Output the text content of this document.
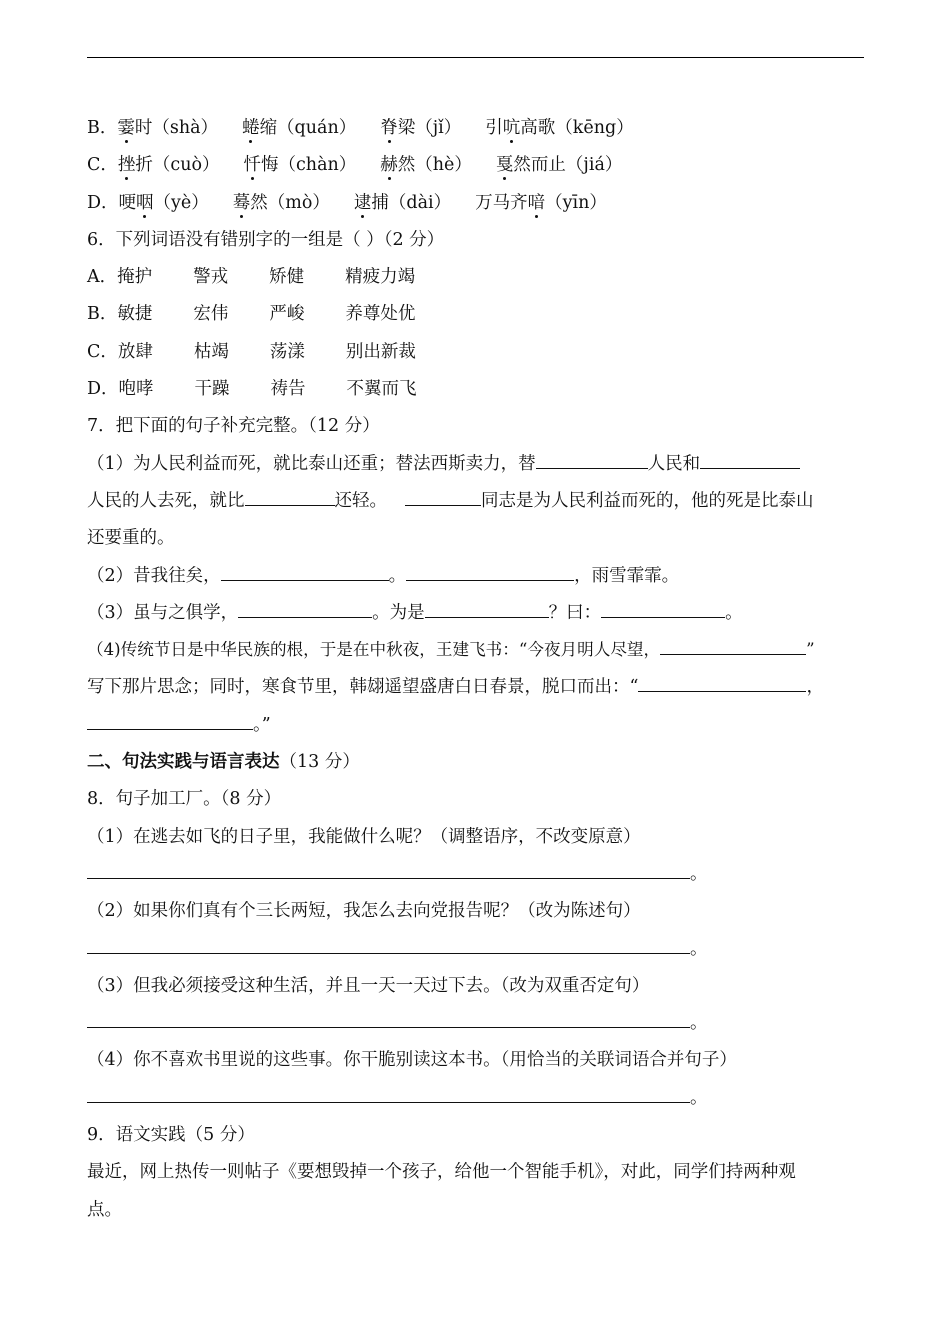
B．霎时（shà） 蜷缩（quán） 脊梁（jǐ） 引吭高歌（kēng）
C．挫折（cuò） 忏悔（chàn） 赫然（hè） 戛然而止（jiá）
D．哽咽（yè） 蓦然（mò） 逮捕（dài） 万马齐喑（yīn）
6．下列词语没有错别字的一组是（ ）（2 分）
A．掩护 警戎 矫健 精疲力竭
B．敏捷 宏伟 严峻 养尊处优
C．放肆 枯竭 荡漾 别出新裁
D．咆哮 干躁 祷告 不翼而飞
7．把下面的句子补充完整。（12 分）
（1）为人民利益而死，就比泰山还重；替法西斯卖力，替	人民和
人民的人去死，就比	还轻。	同志是为人民利益而死的，他的死是比泰山
还要重的。
（2）昔我往矣，	。	，雨雪霏霏。
（3）虽与之俱学，	。为是	？曰：	。
（4)传统节日是中华民族的根，于是在中秋夜，王建飞书：“今夜月明人尽望，	”
写下那片思念；同时，寒食节里，韩翃遥望盛唐白日春景，脱口而出：“	，
。”
二、句法实践与语言表达（13 分）
8．句子加工厂。（8 分）
（1）在逃去如飞的日子里，我能做什么呢？（调整语序，不改变原意）
。
（2）如果你们真有个三长两短，我怎么去向党报告呢？（改为陈述句）
。
（3）但我必须接受这种生活，并且一天一天过下去。（改为双重否定句）
。
（4）你不喜欢书里说的这些事。你干脆别读这本书。（用恰当的关联词语合并句子）
。
9．语文实践（5 分）
最近，网上热传一则帖子《要想毁掉一个孩子，给他一个智能手机》，对此，同学们持两种观
点。
